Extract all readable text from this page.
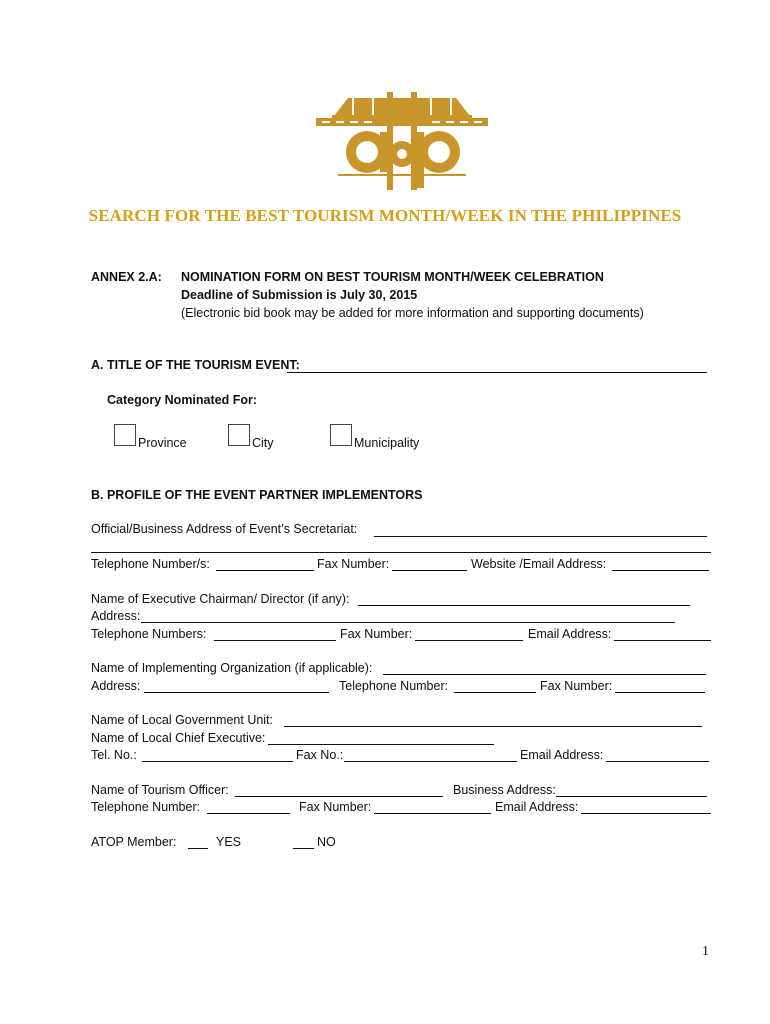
SEARCH FOR THE BEST TOURISM MONTH/WEEK IN THE PHILIPPINES
ANNEX 2.A: NOMINATION FORM ON BEST TOURISM MONTH/WEEK CELEBRATION
Deadline of Submission is July 30, 2015
(Electronic bid book may be added for more information and supporting documents)
A. TITLE OF THE TOURISM EVENT:
Category Nominated For:
Province	City	Municipality
B. PROFILE OF THE EVENT PARTNER IMPLEMENTORS
Official/Business Address of Event’s Secretariat:
Telephone Number/s:	Fax Number:	Website /Email Address:
Name of Executive Chairman/ Director (if any):
Address:
Telephone Numbers:	Fax Number:	Email Address:
Name of Implementing Organization (if applicable):
Address:	Telephone Number:	Fax Number:
Name of Local Government Unit:
Name of Local Chief Executive:
Tel. No.:	Fax No.:	Email Address:
Name of Tourism Officer:	Business Address:
Telephone Number:	Fax Number:	Email Address:
ATOP Member:	YES	NO
1
